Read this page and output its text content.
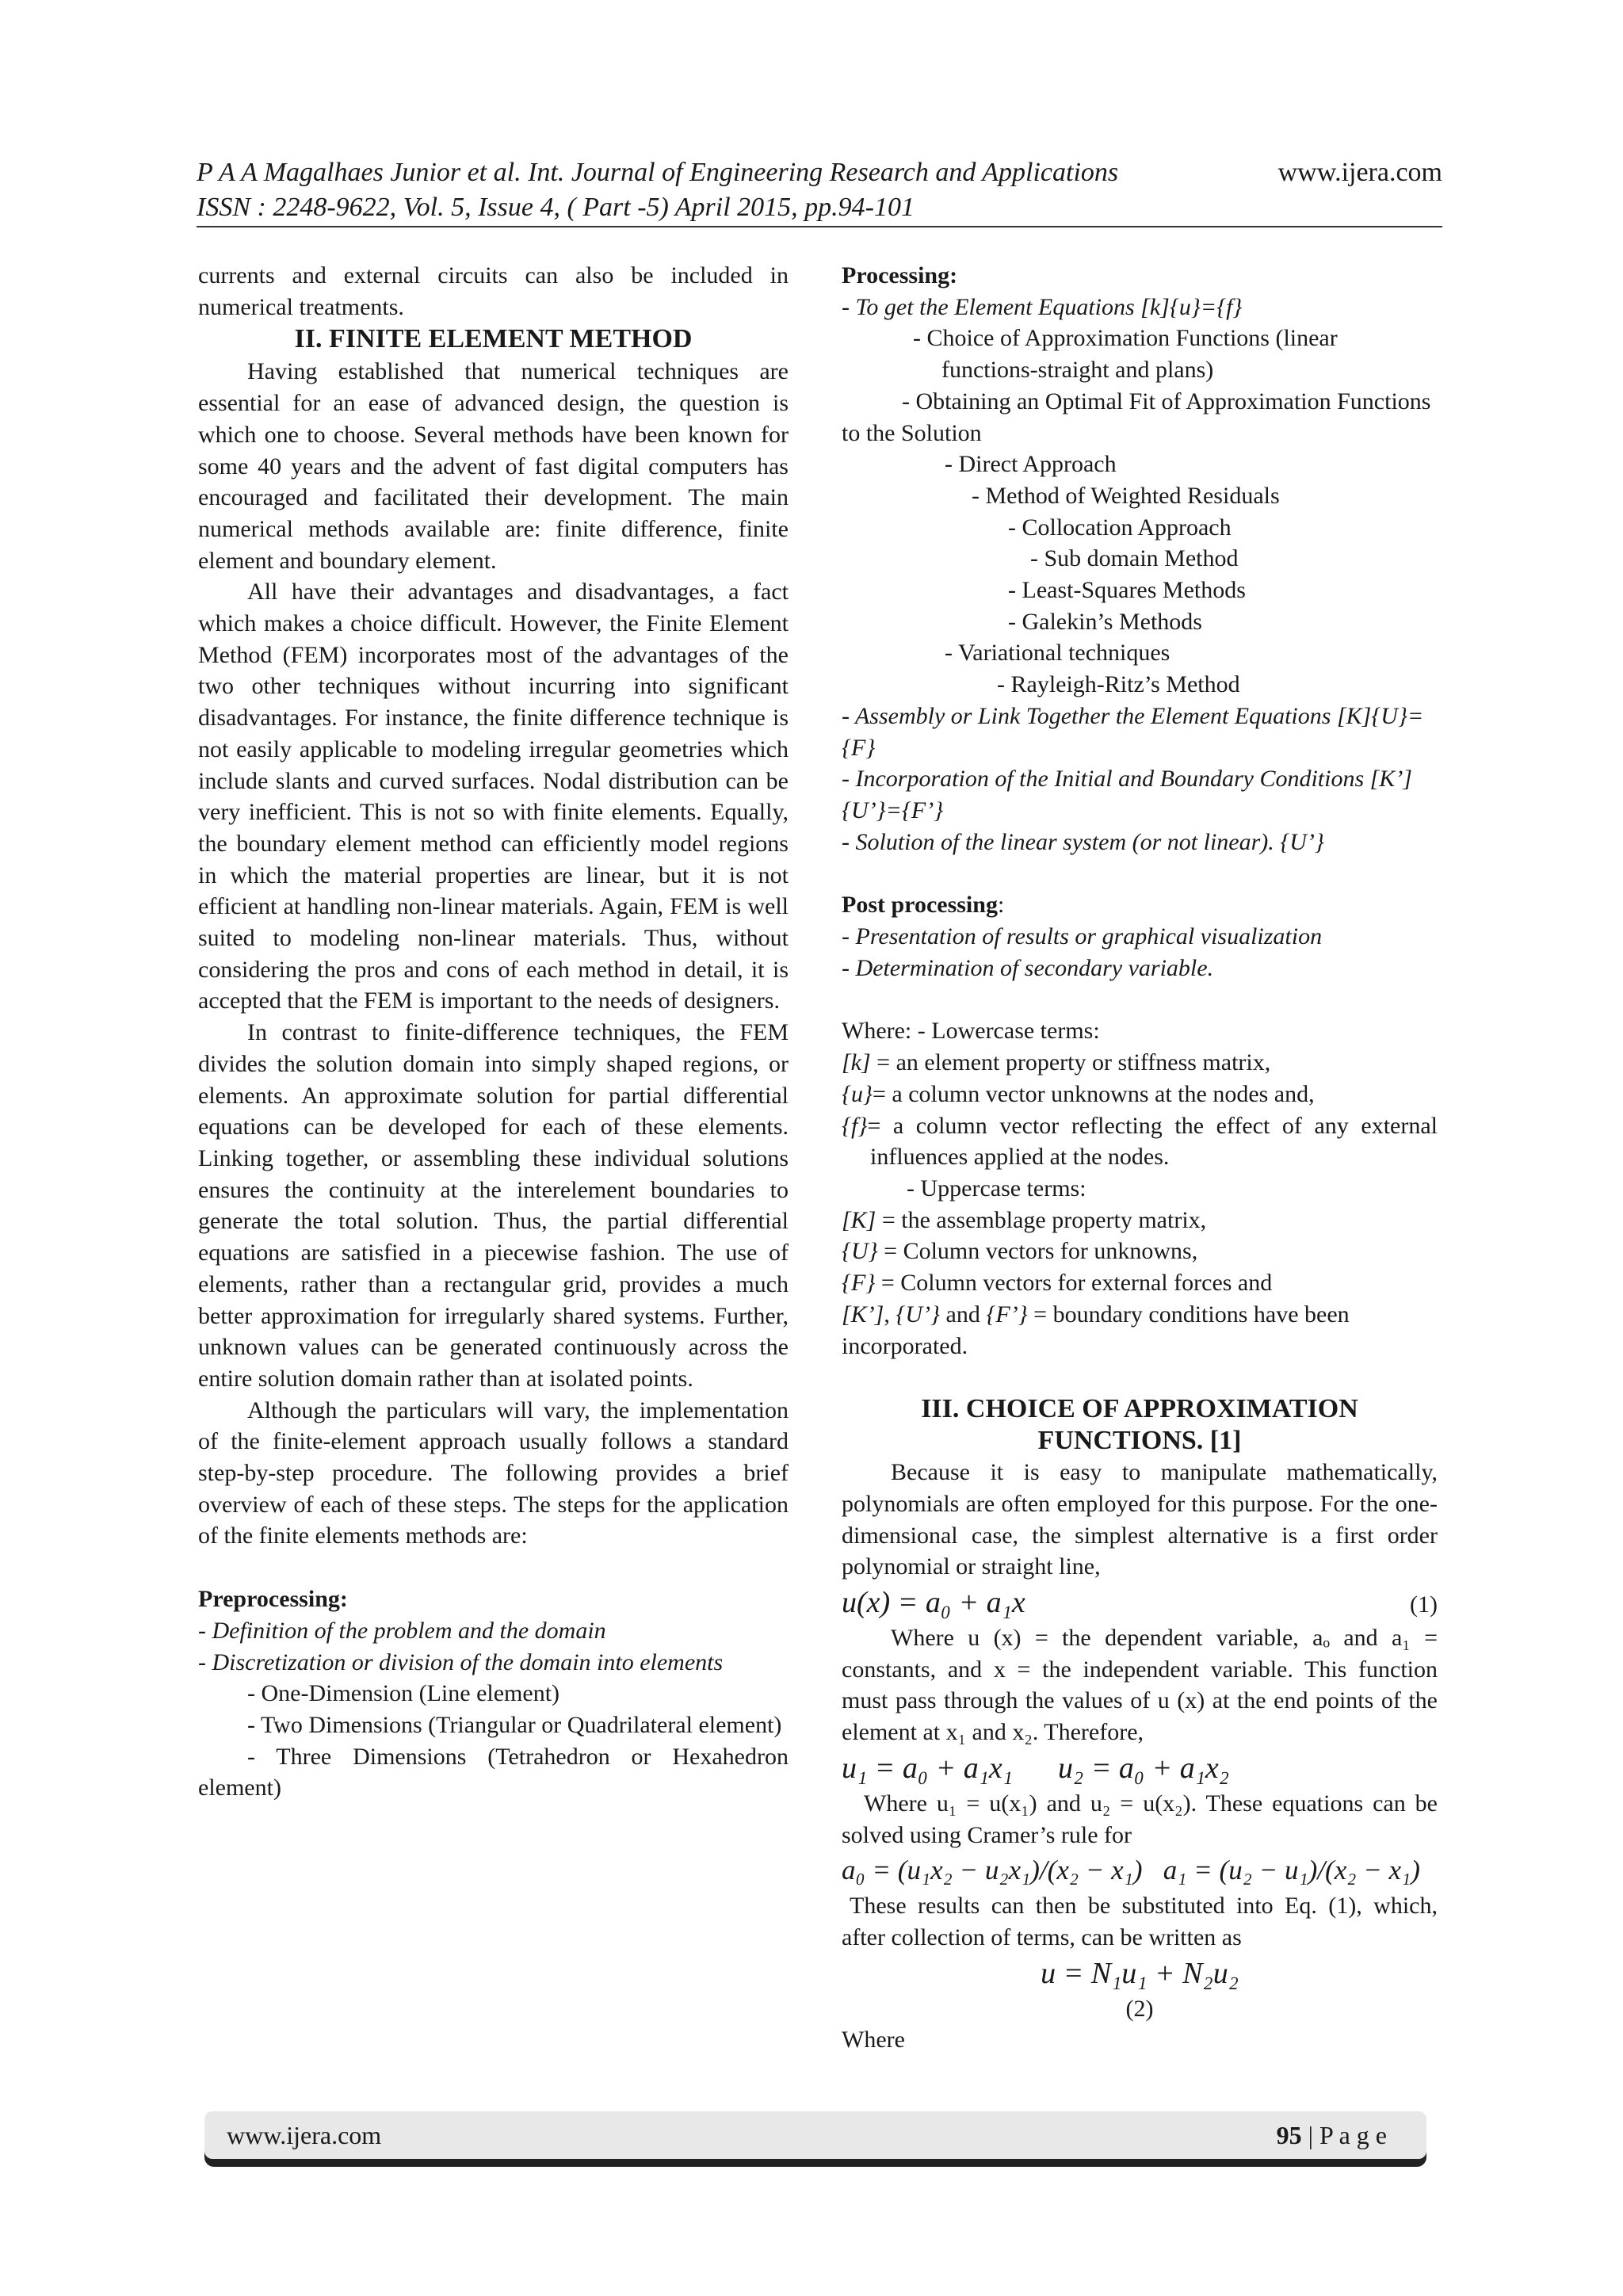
P A A Magalhaes Junior et al. Int. Journal of Engineering Research and Applications	www.ijera.com
ISSN : 2248-9622, Vol. 5, Issue 4, ( Part -5) April 2015, pp.94-101

currents and external circuits can also be included in numerical treatments.

II. FINITE ELEMENT METHOD

Having established that numerical techniques are essential for an ease of advanced design, the question is which one to choose. Several methods have been known for some 40 years and the advent of fast digital computers has encouraged and facilitated their development. The main numerical methods available are: finite difference, finite element and boundary element.

All have their advantages and disadvantages, a fact which makes a choice difficult. However, the Finite Element Method (FEM) incorporates most of the advantages of the two other techniques without incurring into significant disadvantages. For instance, the finite difference technique is not easily applicable to modeling irregular geometries which include slants and curved surfaces. Nodal distribution can be very inefficient. This is not so with finite elements. Equally, the boundary element method can efficiently model regions in which the material properties are linear, but it is not efficient at handling non-linear materials. Again, FEM is well suited to modeling non-linear materials. Thus, without considering the pros and cons of each method in detail, it is accepted that the FEM is important to the needs of designers.

In contrast to finite-difference techniques, the FEM divides the solution domain into simply shaped regions, or elements. An approximate solution for partial differential equations can be developed for each of these elements. Linking together, or assembling these individual solutions ensures the continuity at the interelement boundaries to generate the total solution. Thus, the partial differential equations are satisfied in a piecewise fashion. The use of elements, rather than a rectangular grid, provides a much better approximation for irregularly shared systems. Further, unknown values can be generated continuously across the entire solution domain rather than at isolated points.

Although the particulars will vary, the implementation of the finite-element approach usually follows a standard step-by-step procedure. The following provides a brief overview of each of these steps. The steps for the application of the finite elements methods are:

Preprocessing:

- Definition of the problem and the domain

- Discretization or division of the domain into elements

- One-Dimension (Line element)

- Two Dimensions (Triangular or Quadrilateral element)

- Three Dimensions (Tetrahedron or Hexahedron element)

Processing:

- To get the Element Equations [k]{u}={f}

- Choice of Approximation Functions (linear functions-straight and plans)

- Obtaining an Optimal Fit of Approximation Functions to the Solution

- Direct Approach

- Method of Weighted Residuals

- Collocation Approach

- Sub domain Method

- Least-Squares Methods

- Galekin’s Methods

- Variational techniques

- Rayleigh-Ritz’s Method

- Assembly or Link Together the Element Equations [K]{U}={F}

- Incorporation of the Initial and Boundary Conditions [K’]{U’}={F’}

- Solution of the linear system (or not linear). {U’}

Post processing:

- Presentation of results or graphical visualization

- Determination of secondary variable.

Where: - Lowercase terms:

[k] = an element property or stiffness matrix,

{u}= a column vector unknowns at the nodes and,

{f}= a column vector reflecting the effect of any external influences applied at the nodes.

- Uppercase terms:

[K] = the assemblage property matrix,

{U} = Column vectors for unknowns,

{F} = Column vectors for external forces and

[K’], {U’} and {F’} = boundary conditions have been incorporated.

III. CHOICE OF APPROXIMATION

FUNCTIONS. [1]

Because it is easy to manipulate mathematically, polynomials are often employed for this purpose. For the one-dimensional case, the simplest alternative is a first order polynomial or straight line,

u(x) = a₀ + a₁x	(1)

Where u (x) = the dependent variable, aₒ and a₁ = constants, and x = the independent variable. This function must pass through the values of u (x) at the end points of the element at x₁ and x₂. Therefore,

u₁ = a₀ + a₁x₁      u₂ = a₀ + a₁x₂

Where u₁ = u(x₁) and u₂ = u(x₂). These equations can be solved using Cramer’s rule for

a₀ = (u₁x₂ − u₂x₁)/(x₂ − x₁)   a₁ = (u₂ − u₁)/(x₂ − x₁)

These results can then be substituted into Eq. (1), which, after collection of terms, can be written as

u = N₁u₁ + N₂u₂

(2)

Where

www.ijera.com	95 | P a g e
